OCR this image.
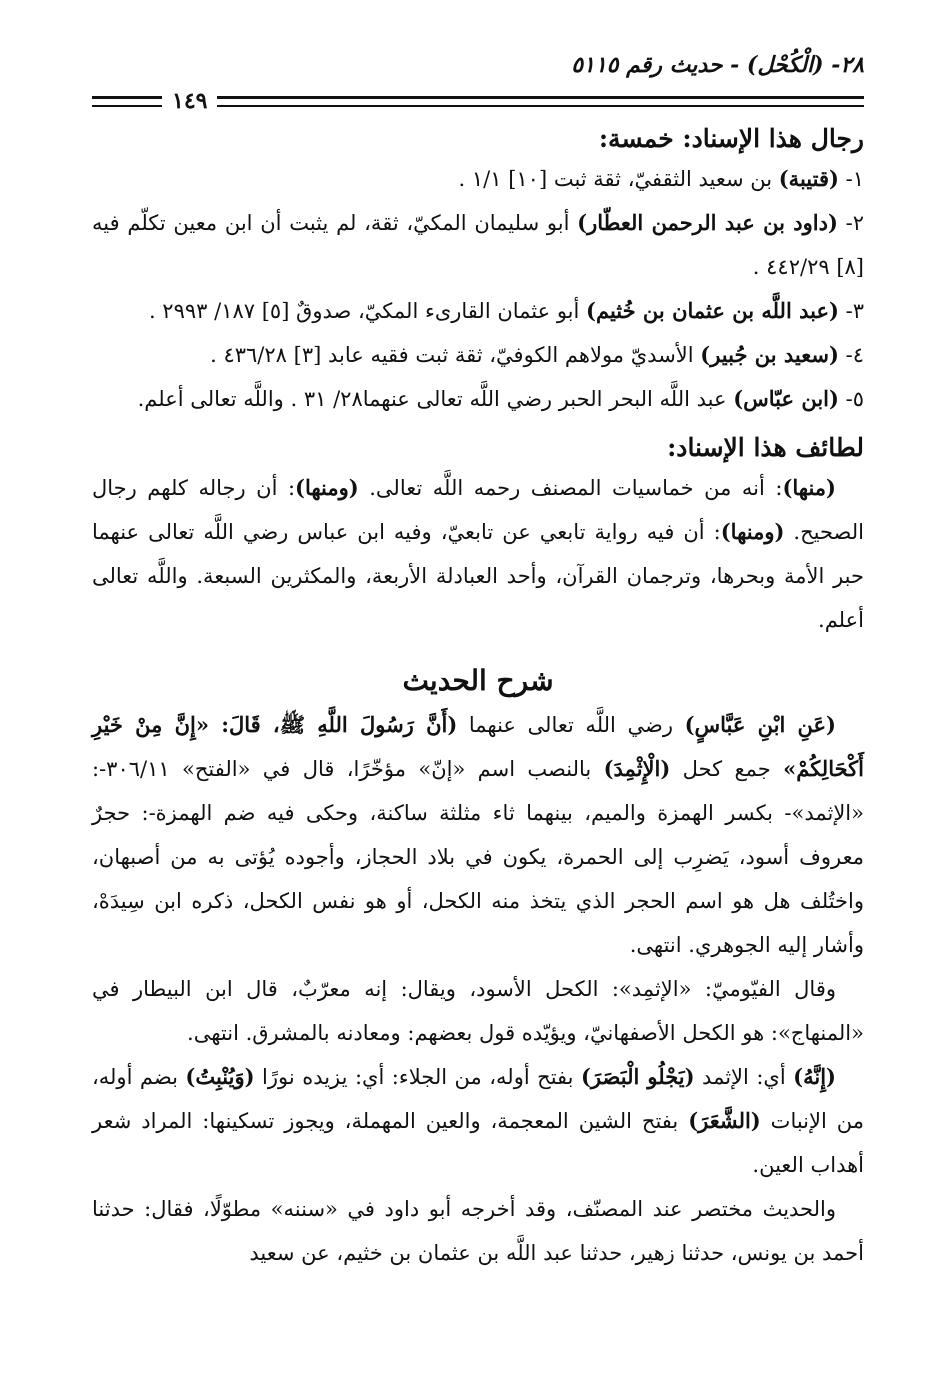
٢٨- (الْكُحْل) - حديث رقم ٥١١٥
١٤٩
رجال هذا الإسناد: خمسة:

١- (قتيبة) بن سعيد الثقفيّ، ثقة ثبت [١٠] ١/١ .

٢- (داود بن عبد الرحمن العطّار) أبو سليمان المكيّ، ثقة، لم يثبت أن ابن معين تكلّم فيه [٨] ٤٤٢/٢٩ .

٣- (عبد اللَّه بن عثمان بن خُثيم) أبو عثمان القارىء المكيّ، صدوقٌ [٥] ١٨٧/ ٢٩٩٣ .

٤- (سعيد بن جُبير) الأسديّ مولاهم الكوفيّ، ثقة ثبت فقيه عابد [٣] ٤٣٦/٢٨ .

٥- (ابن عبّاس) عبد اللَّه البحر الحبر رضي اللَّه تعالى عنهما٢٨/ ٣١ . واللَّه تعالى أعلم.

لطائف هذا الإسناد:

(منها): أنه من خماسيات المصنف رحمه اللَّه تعالى. (ومنها): أن رجاله كلهم رجال الصحيح. (ومنها): أن فيه رواية تابعي عن تابعيّ، وفيه ابن عباس رضي اللَّه تعالى عنهما حبر الأمة وبحرها، وترجمان القرآن، وأحد العبادلة الأربعة، والمكثرين السبعة. واللَّه تعالى أعلم.

شرح الحديث

(عَنِ ابْنِ عَبَّاسٍ) رضي اللَّه تعالى عنهما (أَنَّ رَسُولَ اللَّهِ ﷺ، قَالَ: «إِنَّ مِنْ خَيْرِ أَكْحَالِكُمْ» جمع كحل (الْإِثْمِدَ) بالنصب اسم «إنّ» مؤخّرًا، قال في «الفتح» ٣٠٦/١١-: «الإثمد»- بكسر الهمزة والميم، بينهما ثاء مثلثة ساكنة، وحكى فيه ضم الهمزة-: حجرٌ معروف أسود، يَضرِب إلى الحمرة، يكون في بلاد الحجاز، وأجوده يُؤتى به من أصبهان، واختُلف هل هو اسم الحجر الذي يتخذ منه الكحل، أو هو نفس الكحل، ذكره ابن سِيدَهْ، وأشار إليه الجوهري. انتهى.

وقال الفيّوميّ: «الإثمِد»: الكحل الأسود، ويقال: إنه معرّبٌ، قال ابن البيطار في «المنهاج»: هو الكحل الأصفهانيّ، ويؤيّده قول بعضهم: ومعادنه بالمشرق. انتهى.

(إِنَّهُ) أي: الإثمد (يَجْلُو الْبَصَرَ) بفتح أوله، من الجلاء: أي: يزيده نورًا (وَيُنْبِتُ) بضم أوله، من الإنبات (الشَّعَرَ) بفتح الشين المعجمة، والعين المهملة، ويجوز تسكينها: المراد شعر أهداب العين.

والحديث مختصر عند المصنّف، وقد أخرجه أبو داود في «سننه» مطوّلًا، فقال: حدثنا أحمد بن يونس، حدثنا زهير، حدثنا عبد اللَّه بن عثمان بن خثيم، عن سعيد
